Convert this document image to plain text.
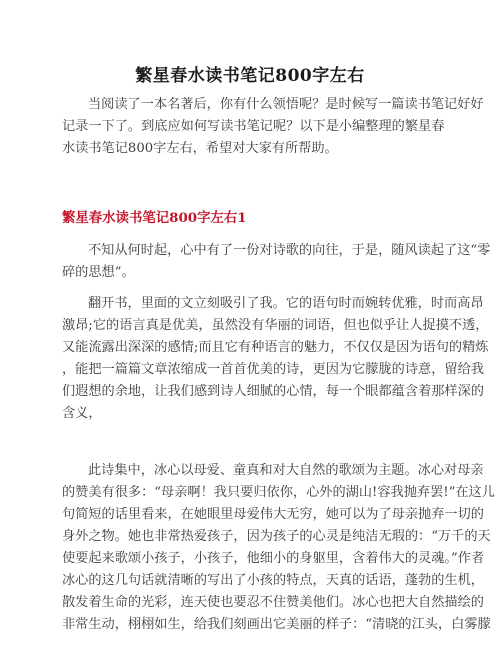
繁星春水读书笔记800字左右
当阅读了一本名著后，你有什么领悟呢？是时候写一篇读书笔记好好
记录一下了。到底应如何写读书笔记呢？以下是小编整理的繁星春
水读书笔记800字左右，希望对大家有所帮助。
繁星春水读书笔记800字左右1
不知从何时起，心中有了一份对诗歌的向往，于是，随风读起了这“零
碎的思想”。
翻开书，里面的文立刻吸引了我。它的语句时而婉转优雅，时而高昂
激昂;它的语言真是优美，虽然没有华丽的词语，但也似乎让人捉摸不透，
又能流露出深深的感情;而且它有种语言的魅力，不仅仅是因为语句的精炼
，能把一篇篇文章浓缩成一首首优美的诗，更因为它朦胧的诗意，留给我
们遐想的余地，让我们感到诗人细腻的心情，每一个眼都蕴含着那样深的
含义，
此诗集中，冰心以母爱、童真和对大自然的歌颂为主题。冰心对母亲
的赞美有很多：“母亲啊！我只要归依你，心外的湖山!容我抛弃罢!”在这儿
句简短的话里看来，在她眼里母爱伟大无穷，她可以为了母亲抛弃一切的
身外之物。她也非常热爱孩子，因为孩子的心灵是纯洁无瑕的：“万千的天
使要起来歌颂小孩子，小孩子，他细小的身躯里，含着伟大的灵魂。”作者
冰心的这几句话就清晰的写出了小孩的特点，天真的话语，蓬勃的生机，
散发着生命的光彩，连天使也要忍不住赞美他们。冰心也把大自然描绘的
非常生动，栩栩如生，给我们刻画出它美丽的样子：“清晓的江头，白雾朦
